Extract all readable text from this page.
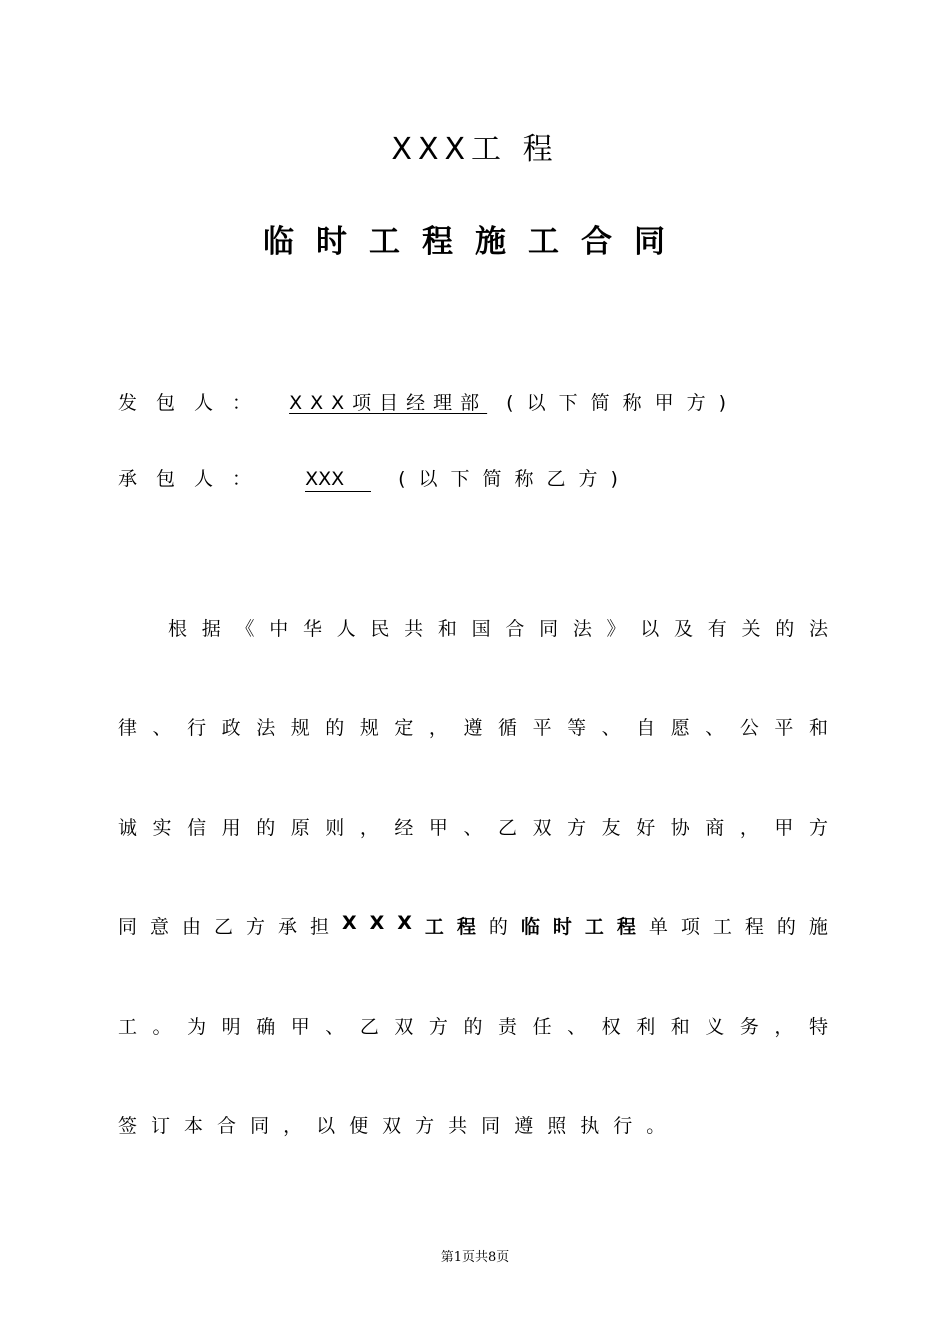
XXX工 程
临时工程施工合同
发包人： XXX项目经理部 (以下简称甲方)
承包人： XXX	(以下简称乙方)
根 据 《 中 华 人 民 共 和 国 合 同 法 》 以 及 有 关 的 法
律 、 行 政 法 规 的 规 定 ， 遵 循 平 等 、 自 愿 、 公 平 和
诚 实 信 用 的 原 则 ， 经 甲 、 乙 双 方 友 好 协 商 ， 甲 方
同 意 由 乙 方 承 担 X X X 工 程 的 临 时 工 程 单 项 工 程 的 施
工 。 为 明 确 甲 、 乙 双 方 的 责 任 、 权 利 和 义 务 ， 特
签 订 本 合 同 ， 以 便 双 方 共 同 遵 照 执 行 。
第1页共8页
